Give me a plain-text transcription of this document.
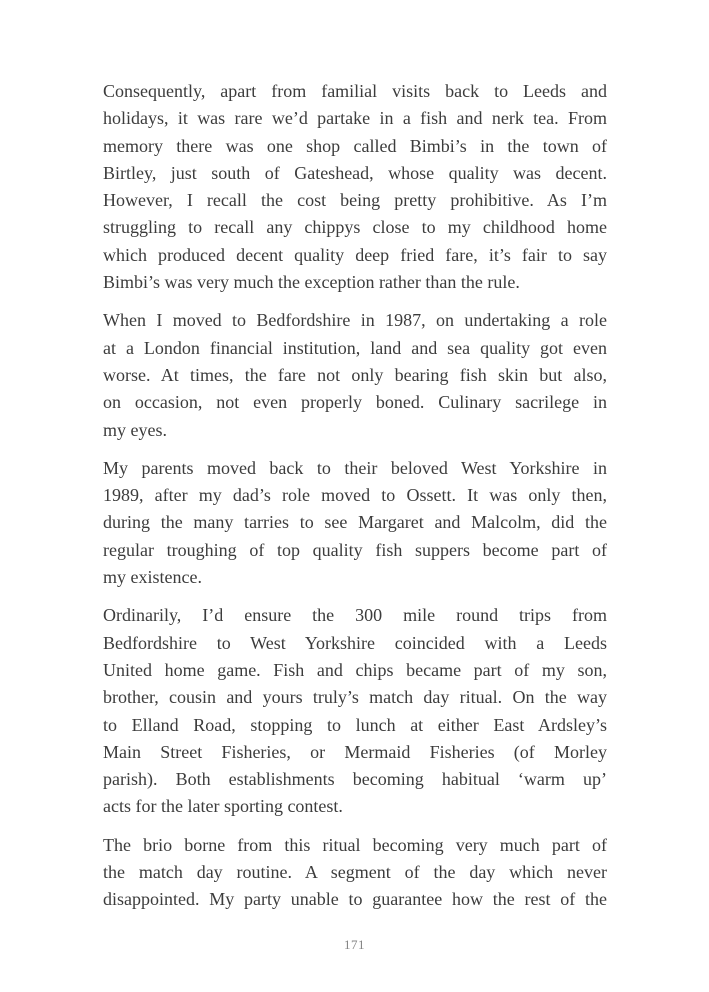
Consequently, apart from familial visits back to Leeds and
holidays, it was rare we’d partake in a fish and nerk tea. From
memory there was one shop called Bimbi’s in the town of
Birtley, just south of Gateshead, whose quality was decent.
However, I recall the cost being pretty prohibitive. As I’m
struggling to recall any chippys close to my childhood home
which produced decent quality deep fried fare, it’s fair to say
Bimbi’s was very much the exception rather than the rule.

When I moved to Bedfordshire in 1987, on undertaking a role
at a London financial institution, land and sea quality got even
worse. At times, the fare not only bearing fish skin but also,
on occasion, not even properly boned. Culinary sacrilege in
my eyes.

My parents moved back to their beloved West Yorkshire in
1989, after my dad’s role moved to Ossett. It was only then,
during the many tarries to see Margaret and Malcolm, did the
regular troughing of top quality fish suppers become part of
my existence.

Ordinarily, I’d ensure the 300 mile round trips from
Bedfordshire to West Yorkshire coincided with a Leeds
United home game. Fish and chips became part of my son,
brother, cousin and yours truly’s match day ritual. On the way
to Elland Road, stopping to lunch at either East Ardsley’s
Main Street Fisheries, or Mermaid Fisheries (of Morley
parish). Both establishments becoming habitual ‘warm up’
acts for the later sporting contest.

The brio borne from this ritual becoming very much part of
the match day routine. A segment of the day which never
disappointed. My party unable to guarantee how the rest of the

171
